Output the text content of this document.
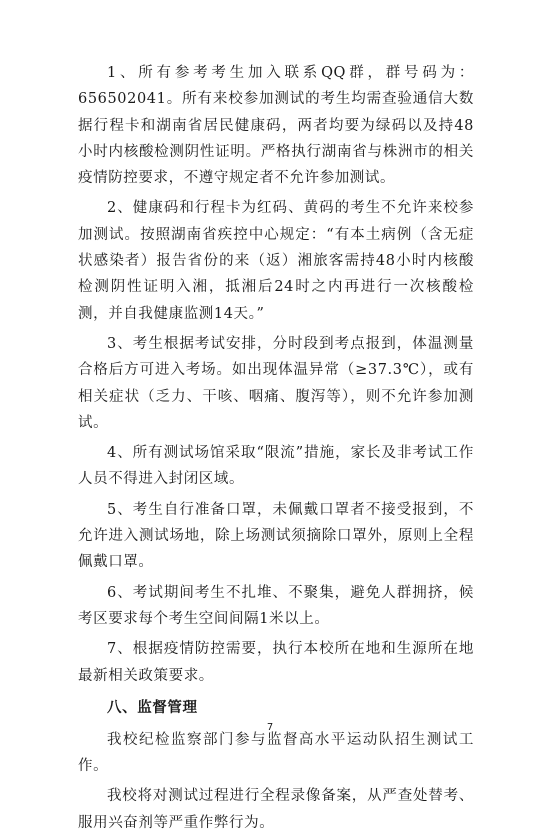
1、所有参考考生加入联系QQ群，群号码为：656502041。所有来校参加测试的考生均需查验通信大数据行程卡和湖南省居民健康码，两者均要为绿码以及持48小时内核酸检测阴性证明。严格执行湖南省与株洲市的相关疫情防控要求，不遵守规定者不允许参加测试。

2、健康码和行程卡为红码、黄码的考生不允许来校参加测试。按照湖南省疾控中心规定：“有本土病例（含无症状感染者）报告省份的来（返）湘旅客需持48小时内核酸检测阴性证明入湘，抵湘后24时之内再进行一次核酸检测，并自我健康监测14天。”

3、考生根据考试安排，分时段到考点报到，体温测量合格后方可进入考场。如出现体温异常（≥37.3℃），或有相关症状（乏力、干咳、咽痛、腹泻等），则不允许参加测试。

4、所有测试场馆采取“限流”措施，家长及非考试工作人员不得进入封闭区域。

5、考生自行准备口罩，未佩戴口罩者不接受报到，不允许进入测试场地，除上场测试须摘除口罩外，原则上全程佩戴口罩。

6、考试期间考生不扎堆、不聚集，避免人群拥挤，候考区要求每个考生空间间隔1米以上。

7、根据疫情防控需要，执行本校所在地和生源所在地最新相关政策要求。

八、监督管理

我校纪检监察部门参与监督高水平运动队招生测试工作。

我校将对测试过程进行全程录像备案，从严查处替考、服用兴奋剂等严重作弊行为。

7
